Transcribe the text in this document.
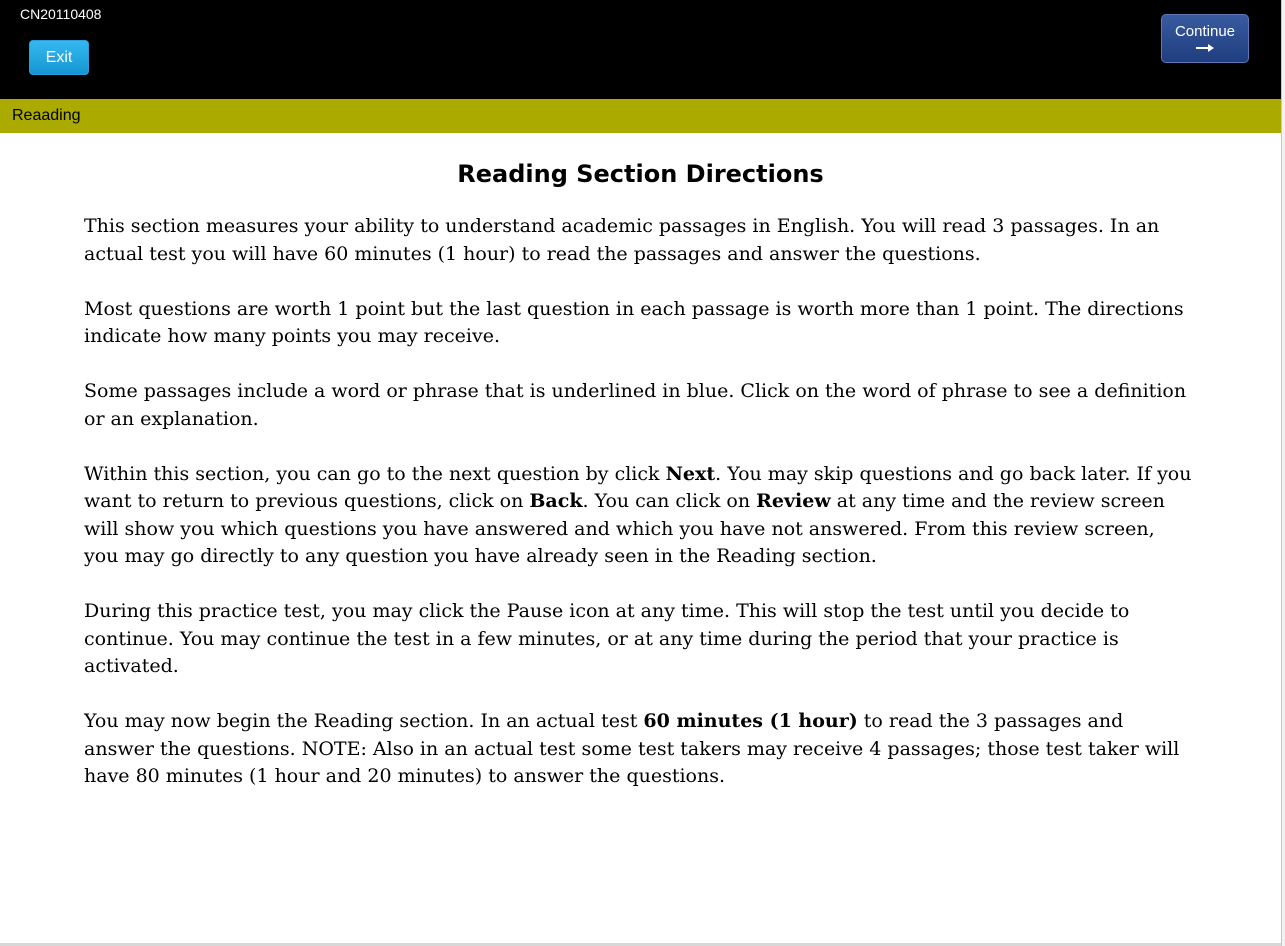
CN20110408
Exit
Continue
Reaading
Reading Section Directions

This section measures your ability to understand academic passages in English. You will read 3 passages. In an actual test you will have 60 minutes (1 hour) to read the passages and answer the questions.

Most questions are worth 1 point but the last question in each passage is worth more than 1 point. The directions indicate how many points you may receive.

Some passages include a word or phrase that is underlined in blue. Click on the word of phrase to see a definition or an explanation.

Within this section, you can go to the next question by click Next. You may skip questions and go back later. If you want to return to previous questions, click on Back. You can click on Review at any time and the review screen will show you which questions you have answered and which you have not answered. From this review screen, you may go directly to any question you have already seen in the Reading section.

During this practice test, you may click the Pause icon at any time. This will stop the test until you decide to continue. You may continue the test in a few minutes, or at any time during the period that your practice is activated.

You may now begin the Reading section. In an actual test 60 minutes (1 hour) to read the 3 passages and answer the questions. NOTE: Also in an actual test some test takers may receive 4 passages; those test taker will have 80 minutes (1 hour and 20 minutes) to answer the questions.
